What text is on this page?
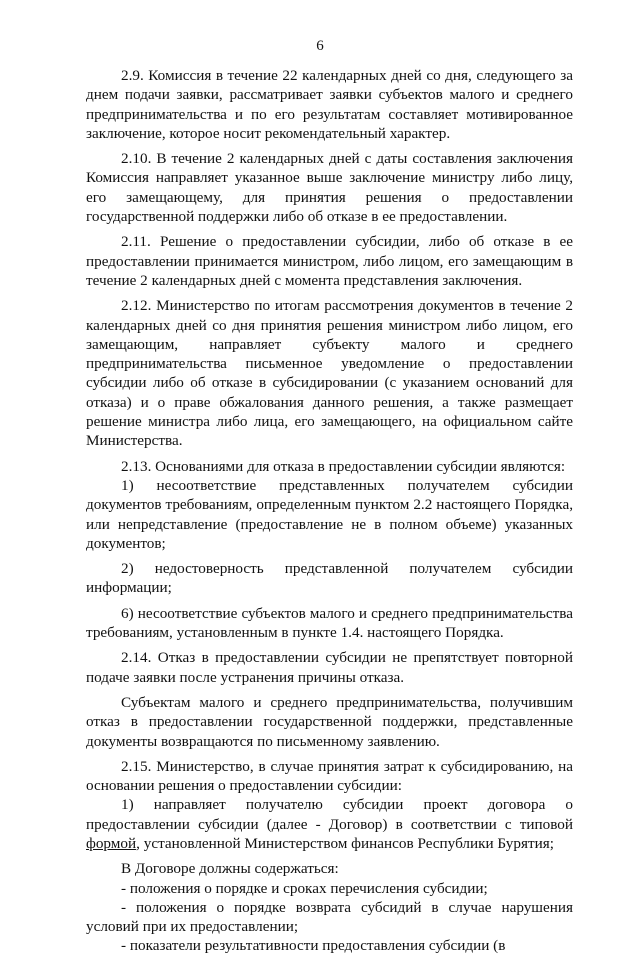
6

2.9. Комиссия в течение 22 календарных дней со дня, следующего за днем подачи заявки, рассматривает заявки субъектов малого и среднего предпринимательства и по его результатам составляет мотивированное заключение, которое носит рекомендательный характер.

2.10. В течение 2 календарных дней с даты составления заключения Комиссия направляет указанное выше заключение министру либо лицу, его замещающему, для принятия решения о предоставлении государственной поддержки либо об отказе в ее предоставлении.

2.11. Решение о предоставлении субсидии, либо об отказе в ее предоставлении принимается министром, либо лицом, его замещающим в течение 2 календарных дней с момента представления заключения.

2.12. Министерство по итогам рассмотрения документов в течение 2 календарных дней со дня принятия решения министром либо лицом, его замещающим, направляет субъекту малого и среднего предпринимательства письменное уведомление о предоставлении субсидии либо об отказе в субсидировании (с указанием оснований для отказа) и о праве обжалования данного решения, а также размещает решение министра либо лица, его замещающего, на официальном сайте Министерства.

2.13. Основаниями для отказа в предоставлении субсидии являются:

1) несоответствие представленных получателем субсидии документов требованиям, определенным пунктом 2.2 настоящего Порядка, или непредставление (предоставление не в полном объеме) указанных документов;

2) недостоверность представленной получателем субсидии информации;

6) несоответствие субъектов малого и среднего предпринимательства требованиям, установленным в пункте 1.4. настоящего Порядка.

2.14. Отказ в предоставлении субсидии не препятствует повторной подаче заявки после устранения причины отказа.

Субъектам малого и среднего предпринимательства, получившим отказ в предоставлении государственной поддержки, представленные документы возвращаются по письменному заявлению.

2.15. Министерство, в случае принятия затрат к субсидированию, на основании решения о предоставлении субсидии:

1) направляет получателю субсидии проект договора о предоставлении субсидии (далее - Договор) в соответствии с типовой формой, установленной Министерством финансов Республики Бурятия;

В Договоре должны содержаться:

- положения о порядке и сроках перечисления субсидии;

- положения о порядке возврата субсидий в случае нарушения условий при их предоставлении;

- показатели результативности предоставления субсидии (в
